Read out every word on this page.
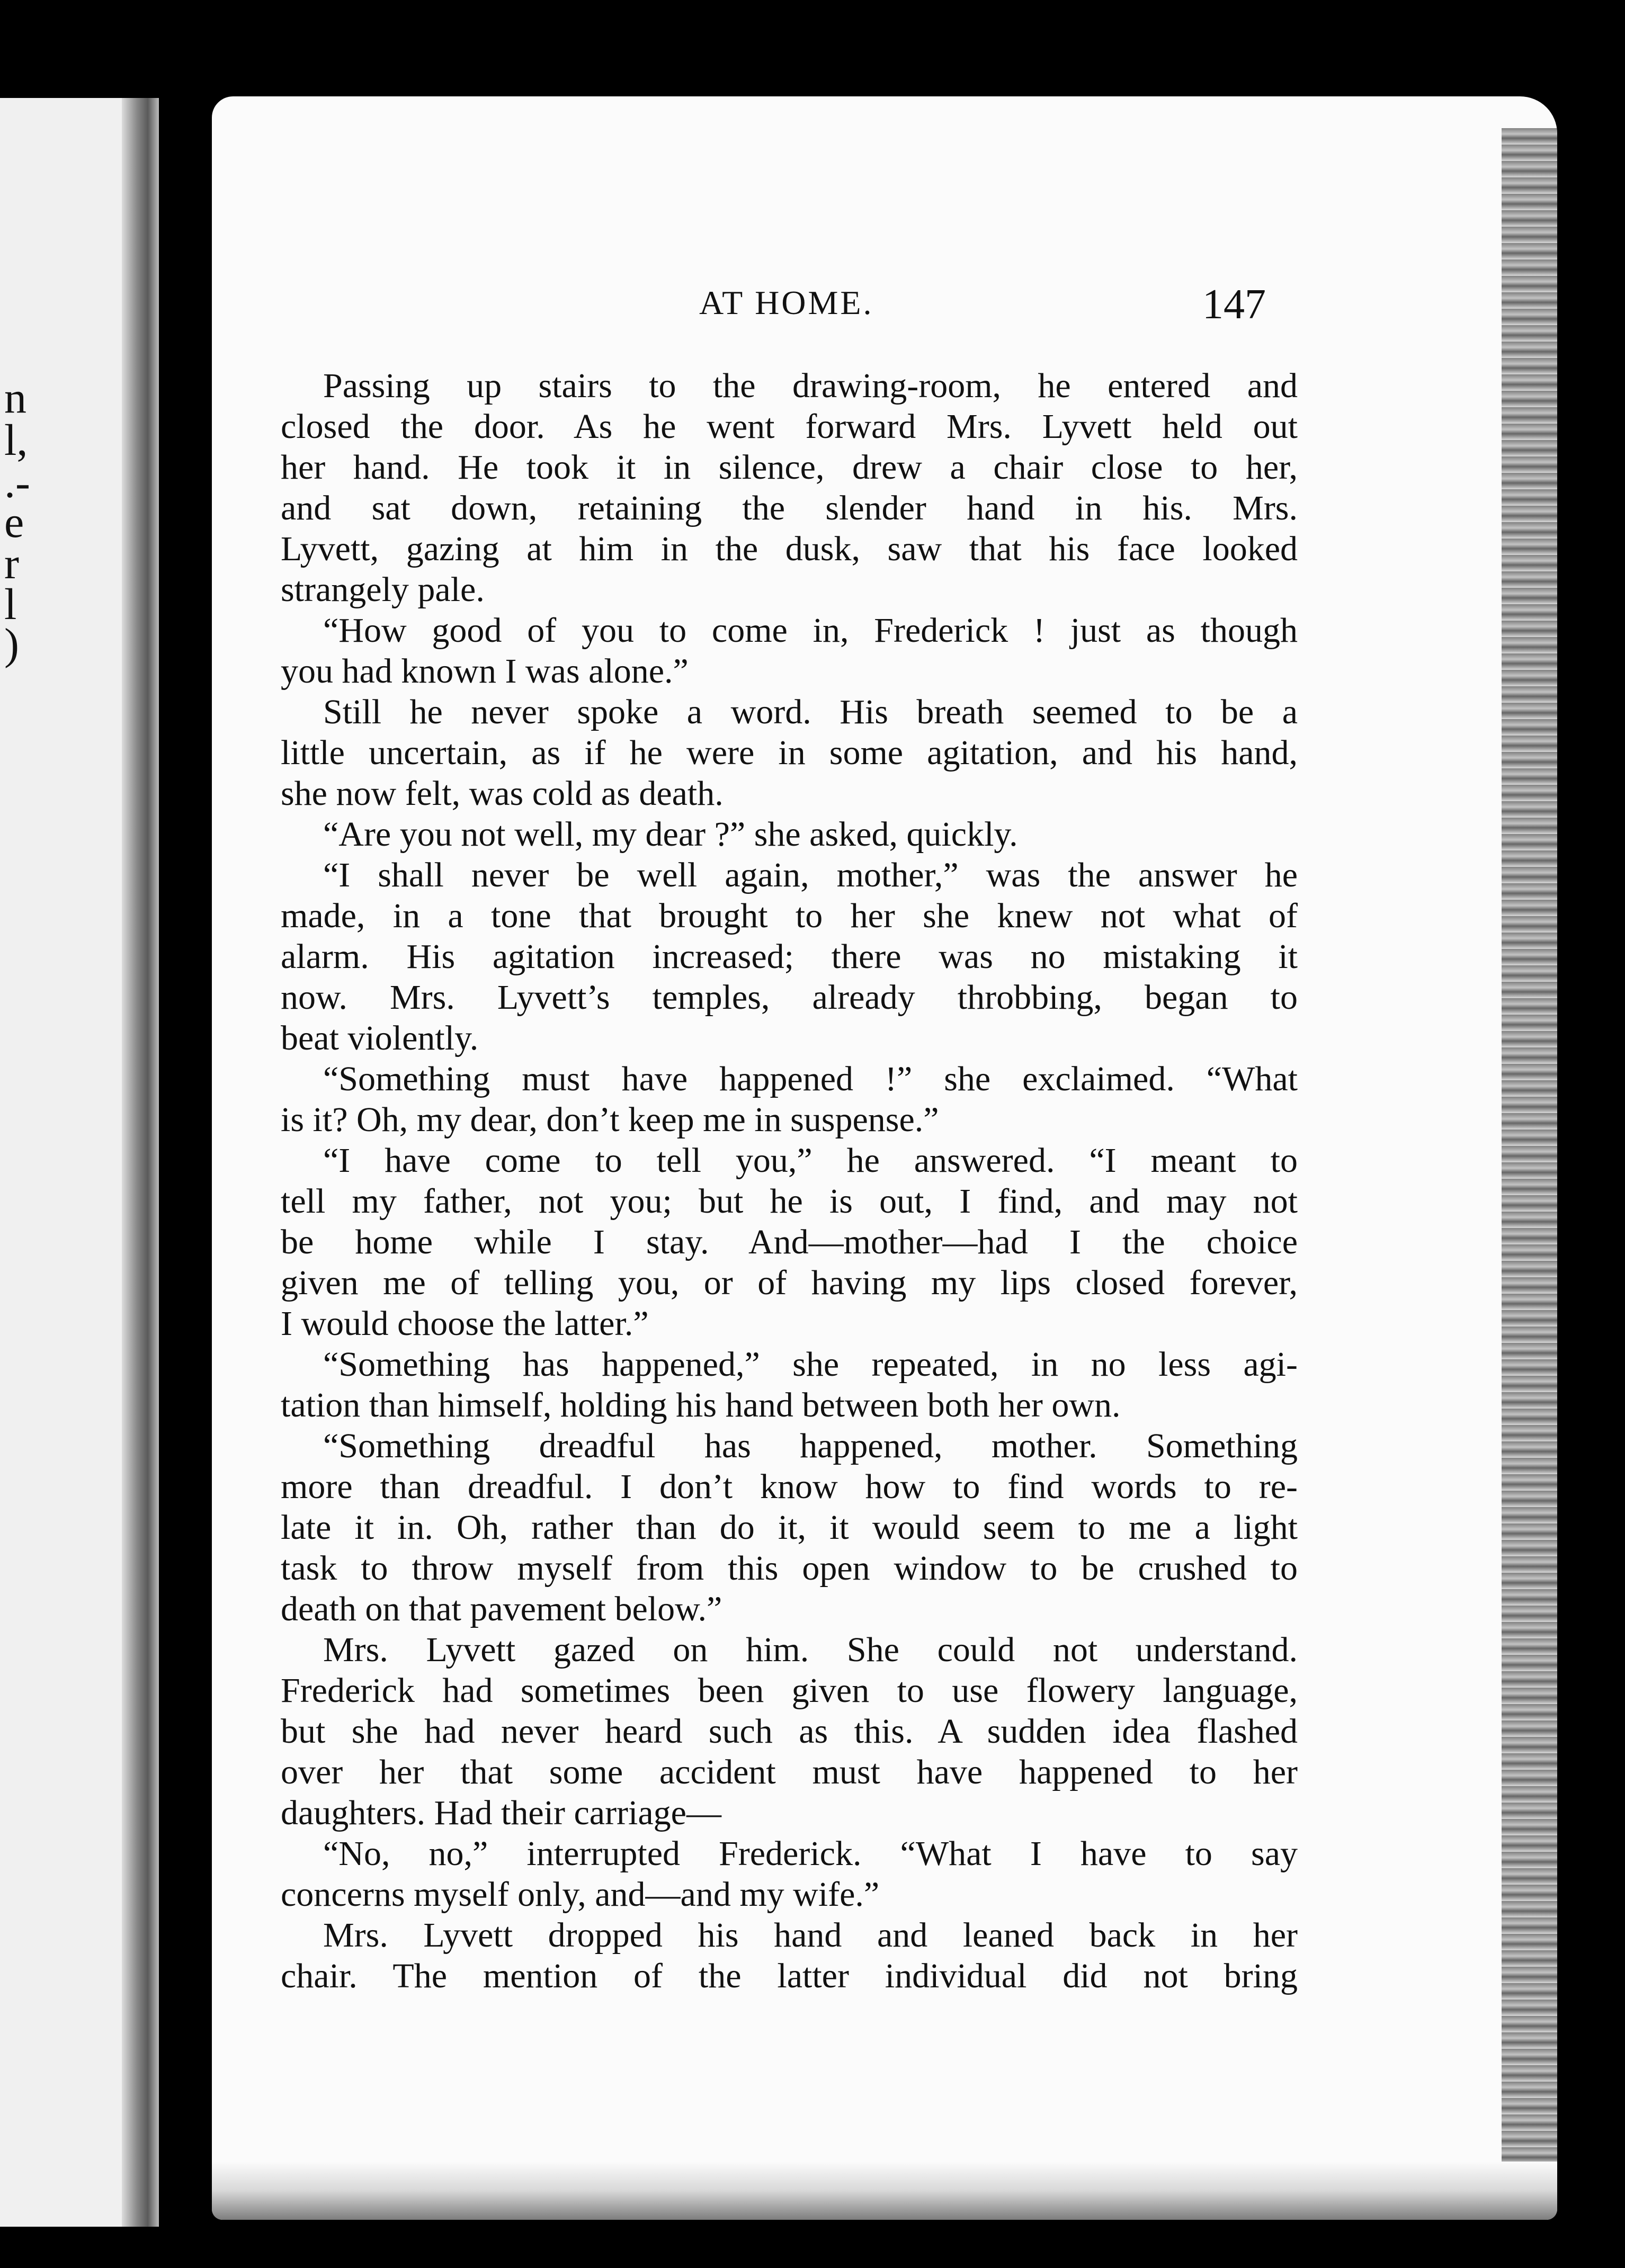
n
l,
.-
e
r
l
)
AT HOME.	147
Passing up stairs to the drawing-room, he entered and
closed the door. As he went forward Mrs. Lyvett held out
her hand. He took it in silence, drew a chair close to her,
and sat down, retaining the slender hand in his. Mrs.
Lyvett, gazing at him in the dusk, saw that his face looked
strangely pale.
“How good of you to come in, Frederick ! just as though
you had known I was alone.”
Still he never spoke a word. His breath seemed to be a
little uncertain, as if he were in some agitation, and his hand,
she now felt, was cold as death.
“Are you not well, my dear ?” she asked, quickly.
“I shall never be well again, mother,” was the answer he
made, in a tone that brought to her she knew not what of
alarm. His agitation increased; there was no mistaking it
now. Mrs. Lyvett’s temples, already throbbing, began to
beat violently.
“Something must have happened !” she exclaimed. “What
is it? Oh, my dear, don’t keep me in suspense.”
“I have come to tell you,” he answered. “I meant to
tell my father, not you; but he is out, I find, and may not
be home while I stay. And—mother—had I the choice
given me of telling you, or of having my lips closed forever,
I would choose the latter.”
“Something has happened,” she repeated, in no less agi-
tation than himself, holding his hand between both her own.
“Something dreadful has happened, mother. Something
more than dreadful. I don’t know how to find words to re-
late it in. Oh, rather than do it, it would seem to me a light
task to throw myself from this open window to be crushed to
death on that pavement below.”
Mrs. Lyvett gazed on him. She could not understand.
Frederick had sometimes been given to use flowery language,
but she had never heard such as this. A sudden idea flashed
over her that some accident must have happened to her
daughters. Had their carriage—
“No, no,” interrupted Frederick. “What I have to say
concerns myself only, and—and my wife.”
Mrs. Lyvett dropped his hand and leaned back in her
chair. The mention of the latter individual did not bring
